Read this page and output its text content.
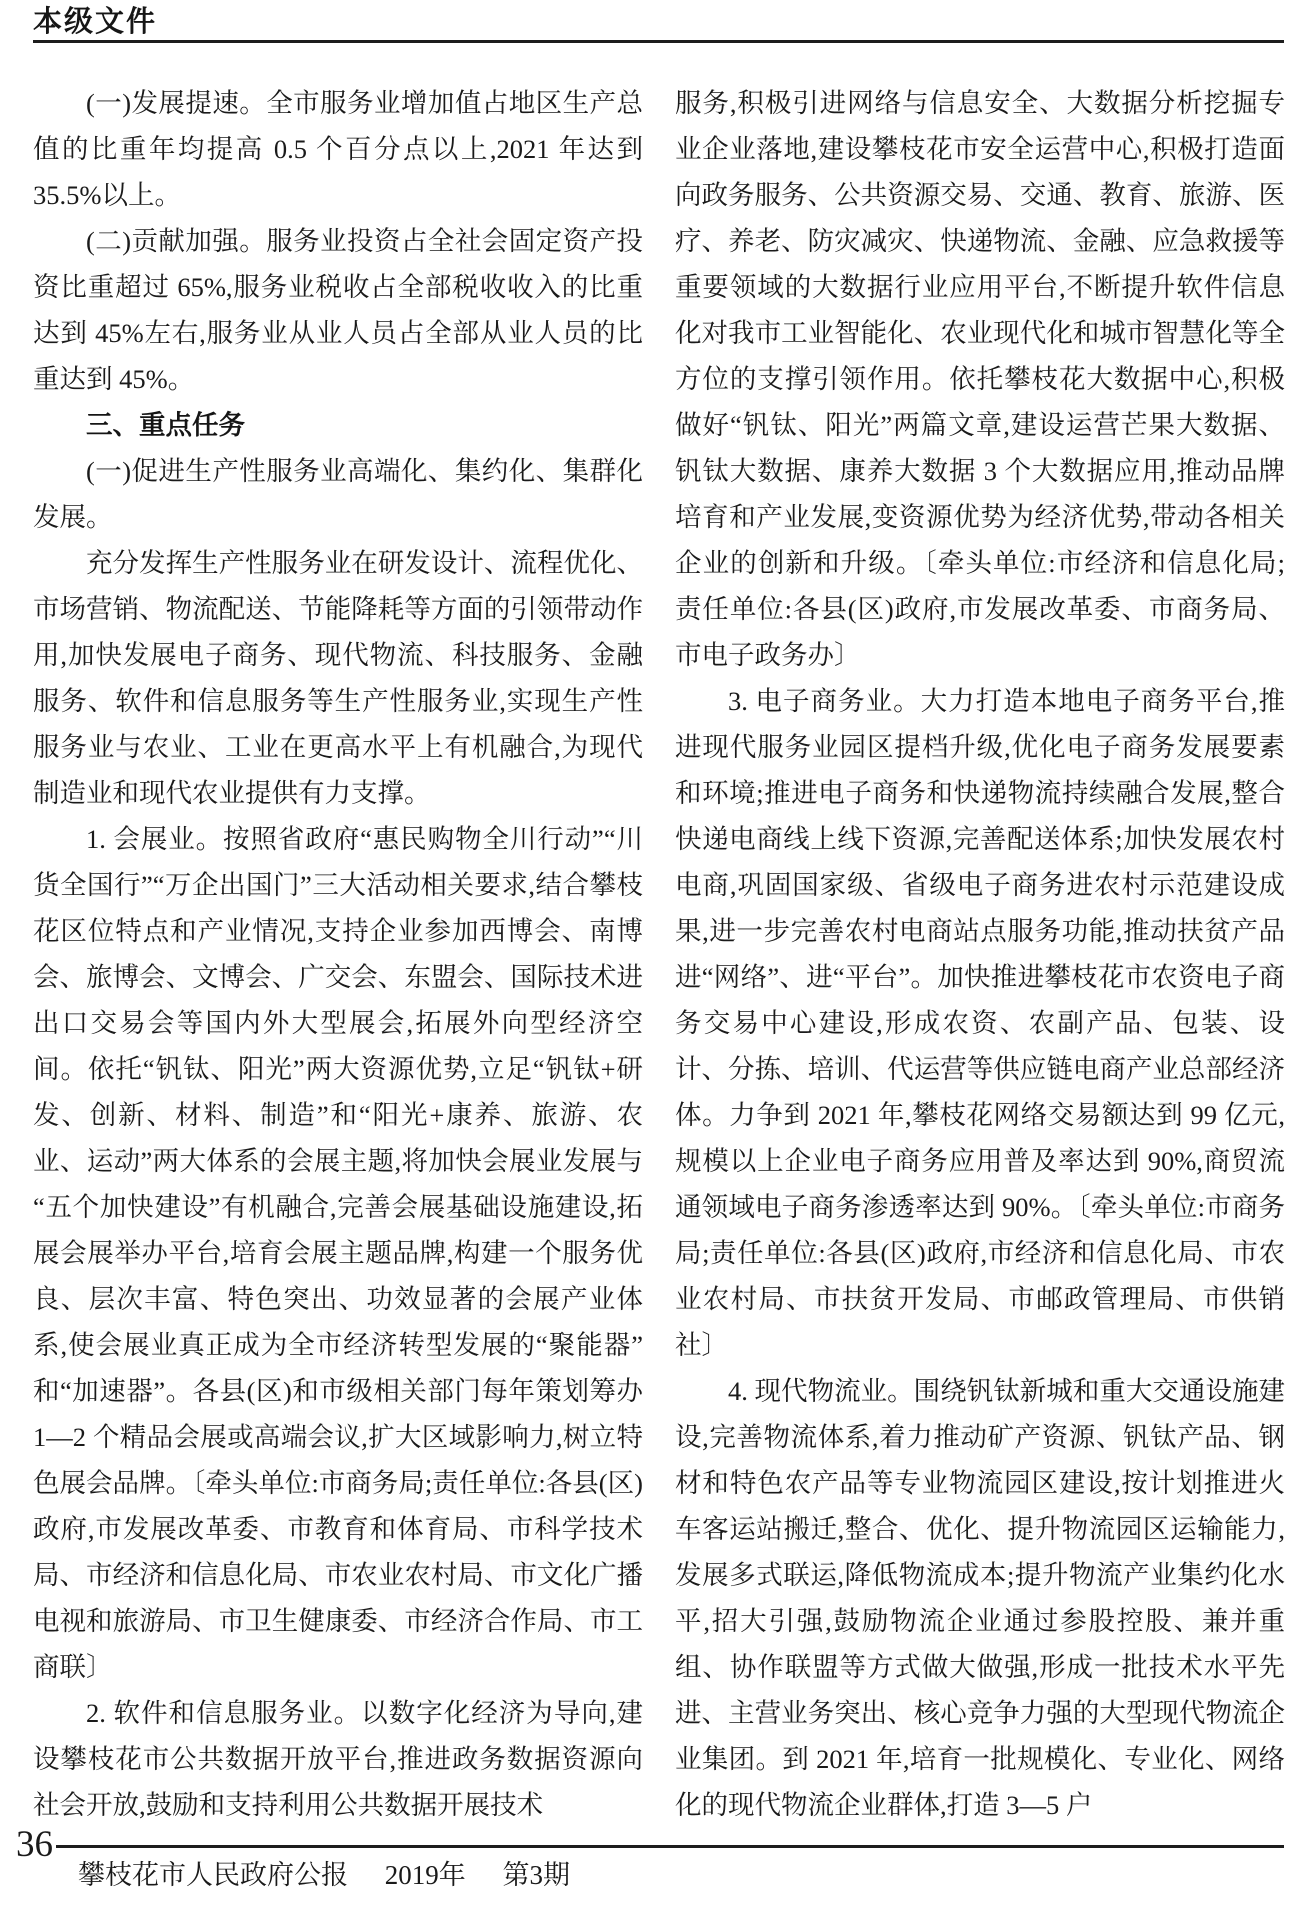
本级文件

(一)发展提速。全市服务业增加值占地区生产总值的比重年均提高 0.5 个百分点以上,2021 年达到 35.5%以上。

(二)贡献加强。服务业投资占全社会固定资产投资比重超过 65%,服务业税收占全部税收收入的比重达到 45%左右,服务业从业人员占全部从业人员的比重达到 45%。

三、重点任务

(一)促进生产性服务业高端化、集约化、集群化发展。

充分发挥生产性服务业在研发设计、流程优化、市场营销、物流配送、节能降耗等方面的引领带动作用,加快发展电子商务、现代物流、科技服务、金融服务、软件和信息服务等生产性服务业,实现生产性服务业与农业、工业在更高水平上有机融合,为现代制造业和现代农业提供有力支撑。

1. 会展业。按照省政府“惠民购物全川行动”“川货全国行”“万企出国门”三大活动相关要求,结合攀枝花区位特点和产业情况,支持企业参加西博会、南博会、旅博会、文博会、广交会、东盟会、国际技术进出口交易会等国内外大型展会,拓展外向型经济空间。依托“钒钛、阳光”两大资源优势,立足“钒钛+研发、创新、材料、制造”和“阳光+康养、旅游、农业、运动”两大体系的会展主题,将加快会展业发展与“五个加快建设”有机融合,完善会展基础设施建设,拓展会展举办平台,培育会展主题品牌,构建一个服务优良、层次丰富、特色突出、功效显著的会展产业体系,使会展业真正成为全市经济转型发展的“聚能器”和“加速器”。各县(区)和市级相关部门每年策划筹办 1—2 个精品会展或高端会议,扩大区域影响力,树立特色展会品牌。〔牵头单位:市商务局;责任单位:各县(区)政府,市发展改革委、市教育和体育局、市科学技术局、市经济和信息化局、市农业农村局、市文化广播电视和旅游局、市卫生健康委、市经济合作局、市工商联〕

2. 软件和信息服务业。以数字化经济为导向,建设攀枝花市公共数据开放平台,推进政务数据资源向社会开放,鼓励和支持利用公共数据开展技术

服务,积极引进网络与信息安全、大数据分析挖掘专业企业落地,建设攀枝花市安全运营中心,积极打造面向政务服务、公共资源交易、交通、教育、旅游、医疗、养老、防灾减灾、快递物流、金融、应急救援等重要领域的大数据行业应用平台,不断提升软件信息化对我市工业智能化、农业现代化和城市智慧化等全方位的支撑引领作用。依托攀枝花大数据中心,积极做好“钒钛、阳光”两篇文章,建设运营芒果大数据、钒钛大数据、康养大数据 3 个大数据应用,推动品牌培育和产业发展,变资源优势为经济优势,带动各相关企业的创新和升级。〔牵头单位:市经济和信息化局;责任单位:各县(区)政府,市发展改革委、市商务局、市电子政务办〕

3. 电子商务业。大力打造本地电子商务平台,推进现代服务业园区提档升级,优化电子商务发展要素和环境;推进电子商务和快递物流持续融合发展,整合快递电商线上线下资源,完善配送体系;加快发展农村电商,巩固国家级、省级电子商务进农村示范建设成果,进一步完善农村电商站点服务功能,推动扶贫产品进“网络”、进“平台”。加快推进攀枝花市农资电子商务交易中心建设,形成农资、农副产品、包装、设计、分拣、培训、代运营等供应链电商产业总部经济体。力争到 2021 年,攀枝花网络交易额达到 99 亿元,规模以上企业电子商务应用普及率达到 90%,商贸流通领域电子商务渗透率达到 90%。〔牵头单位:市商务局;责任单位:各县(区)政府,市经济和信息化局、市农业农村局、市扶贫开发局、市邮政管理局、市供销社〕

4. 现代物流业。围绕钒钛新城和重大交通设施建设,完善物流体系,着力推动矿产资源、钒钛产品、钢材和特色农产品等专业物流园区建设,按计划推进火车客运站搬迁,整合、优化、提升物流园区运输能力,发展多式联运,降低物流成本;提升物流产业集约化水平,招大引强,鼓励物流企业通过参股控股、兼并重组、协作联盟等方式做大做强,形成一批技术水平先进、主营业务突出、核心竞争力强的大型现代物流企业集团。到 2021 年,培育一批规模化、专业化、网络化的现代物流企业群体,打造 3—5 户

36
攀枝花市人民政府公报 2019年 第3期
